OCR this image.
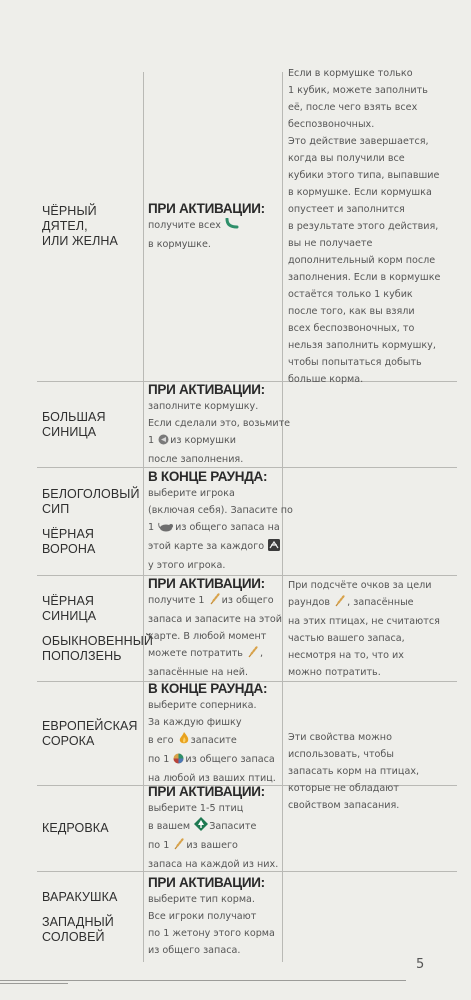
ЧЁРНЫЙ ДЯТЕЛ,
ИЛИ ЖЕЛНА
ПРИ АКТИВАЦИИ:
получите всех
в кормушке.
Если в кормушке только
1 кубик, можете заполнить
её, после чего взять всех
беспозвоночных.
Это действие завершается,
когда вы получили все
кубики этого типа, выпавшие
в кормушке. Если кормушка
опустеет и заполнится
в результате этого действия,
вы не получаете
дополнительный корм после
заполнения. Если в кормушке
остаётся только 1 кубик
после того, как вы взяли
всех беспозвоночных, то
нельзя заполнить кормушку,
чтобы попытаться добыть
больше корма.
БОЛЬШАЯ
СИНИЦА
ПРИ АКТИВАЦИИ:
заполните кормушку.
Если сделали это, возьмите
1 из кормушки
после заполнения.
БЕЛОГОЛОВЫЙ
СИП
ЧЁРНАЯ ВОРОНА
В КОНЦЕ РАУНДА:
выберите игрока
(включая себя). Запасите по
1 из общего запаса на
этой карте за каждого
у этого игрока.
ЧЁРНАЯ СИНИЦА
ОБЫКНОВЕННЫЙ
ПОПОЛЗЕНЬ
ПРИ АКТИВАЦИИ:
получите 1 из общего
запаса и запасите на этой
карте. В любой момент
можете потратить ,
запасённые на ней.
При подсчёте очков за цели
раундов , запасённые
на этих птицах, не считаются
частью вашего запаса,
несмотря на то, что их
можно потратить.
ЕВРОПЕЙСКАЯ
СОРОКА
В КОНЦЕ РАУНДА:
выберите соперника.
За каждую фишку
в его запасите
по 1 из общего запаса
на любой из ваших птиц.
КЕДРОВКА
ПРИ АКТИВАЦИИ:
выберите 1-5 птиц
в вашем Запасите
по 1 из вашего
запаса на каждой из них.
ВАРАКУШКА
ЗАПАДНЫЙ
СОЛОВЕЙ
ПРИ АКТИВАЦИИ:
выберите тип корма.
Все игроки получают
по 1 жетону этого корма
из общего запаса.
Эти свойства можно
использовать, чтобы
запасать корм на птицах,
которые не обладают
свойством запасания.
5
